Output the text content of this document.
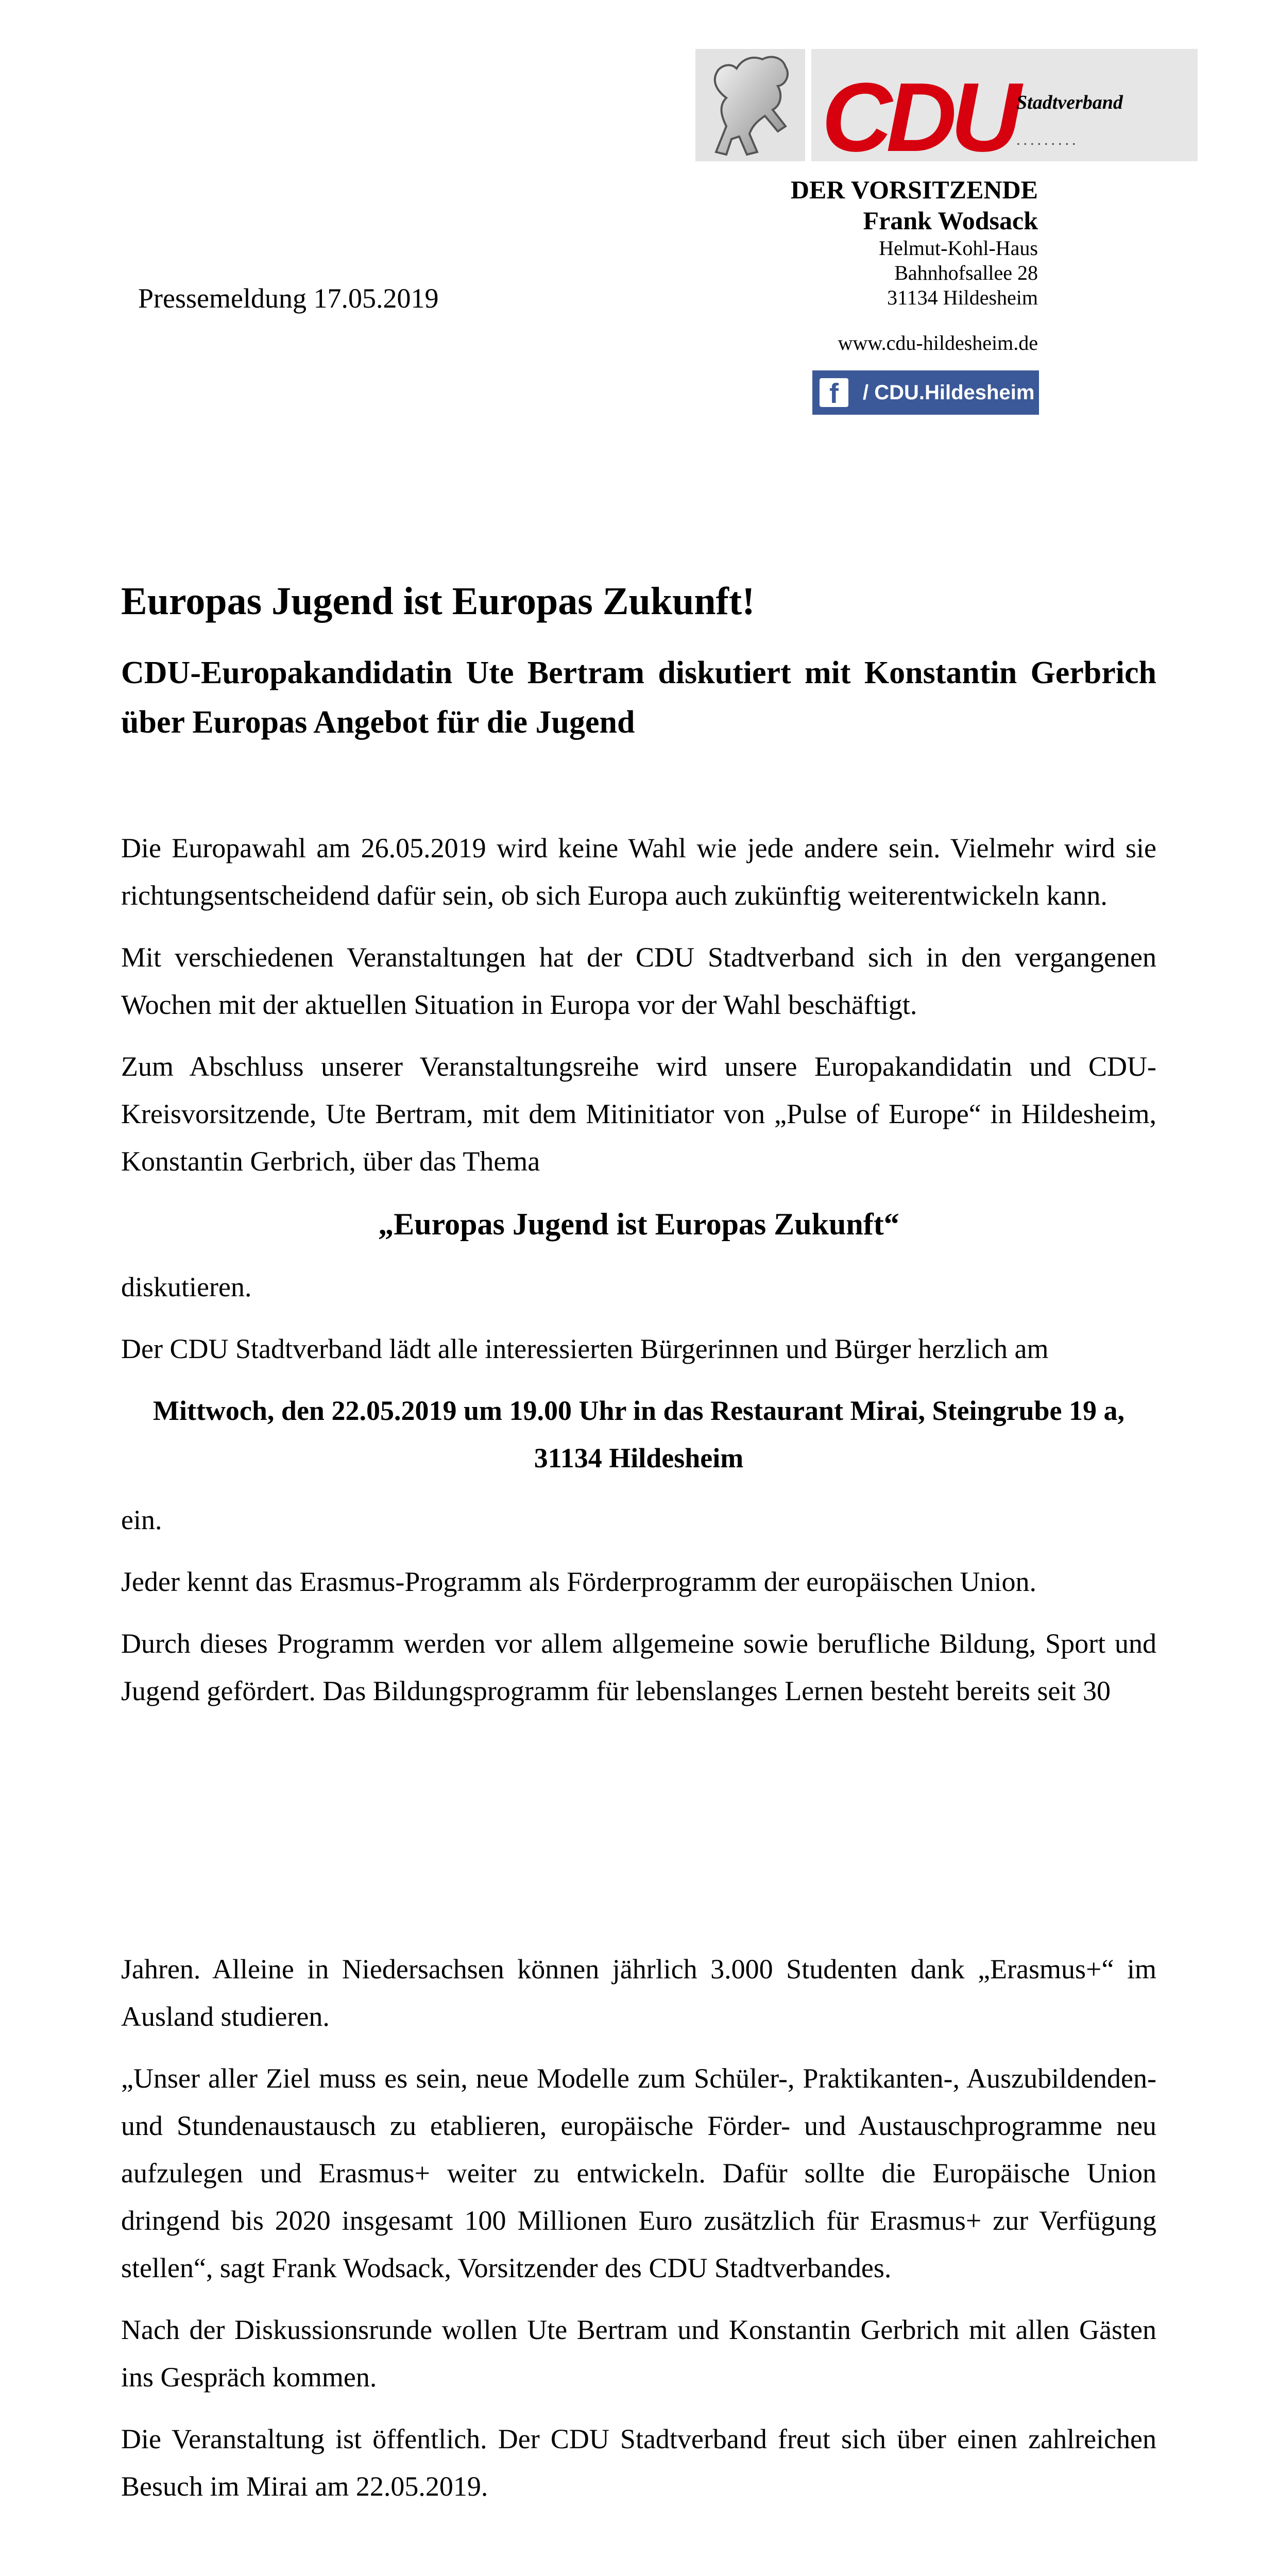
CDU Stadtverband
.........
DER VORSITZENDE
Frank Wodsack
Helmut-Kohl-Haus
Bahnhofsallee 28
31134 Hildesheim
www.cdu-hildesheim.de
f	/ CDU.Hildesheim
Pressemeldung 17.05.2019
Europas Jugend ist Europas Zukunft!
CDU-Europakandidatin Ute Bertram diskutiert mit Konstantin Gerbrich über Europas Angebot für die Jugend

Die Europawahl am 26.05.2019 wird keine Wahl wie jede andere sein. Vielmehr wird sie richtungsentscheidend dafür sein, ob sich Europa auch zukünftig weiterentwickeln kann.

Mit verschiedenen Veranstaltungen hat der CDU Stadtverband sich in den vergangenen Wochen mit der aktuellen Situation in Europa vor der Wahl beschäftigt.

Zum Abschluss unserer Veranstaltungsreihe wird unsere Europakandidatin und CDU-Kreisvorsitzende, Ute Bertram, mit dem Mitinitiator von „Pulse of Europe“ in Hildesheim, Konstantin Gerbrich, über das Thema

„Europas Jugend ist Europas Zukunft“

diskutieren.

Der CDU Stadtverband lädt alle interessierten Bürgerinnen und Bürger herzlich am

Mittwoch, den 22.05.2019 um 19.00 Uhr in das Restaurant Mirai, Steingrube 19 a,

31134 Hildesheim

ein.

Jeder kennt das Erasmus-Programm als Förderprogramm der europäischen Union.

Durch dieses Programm werden vor allem allgemeine sowie berufliche Bildung, Sport und Jugend gefördert. Das Bildungsprogramm für lebenslanges Lernen besteht bereits seit 30

Jahren. Alleine in Niedersachsen können jährlich 3.000 Studenten dank „Erasmus+“ im Ausland studieren.

„Unser aller Ziel muss es sein, neue Modelle zum Schüler-, Praktikanten-, Auszubildenden- und Stundenaustausch zu etablieren, europäische Förder- und Austauschprogramme neu aufzulegen und Erasmus+ weiter zu entwickeln. Dafür sollte die Europäische Union dringend bis 2020 insgesamt 100 Millionen Euro zusätzlich für Erasmus+ zur Verfügung stellen“, sagt Frank Wodsack, Vorsitzender des CDU Stadtverbandes.

Nach der Diskussionsrunde wollen Ute Bertram und Konstantin Gerbrich mit allen Gästen ins Gespräch kommen.

Die Veranstaltung ist öffentlich. Der CDU Stadtverband freut sich über einen zahlreichen Besuch im Mirai am 22.05.2019.
